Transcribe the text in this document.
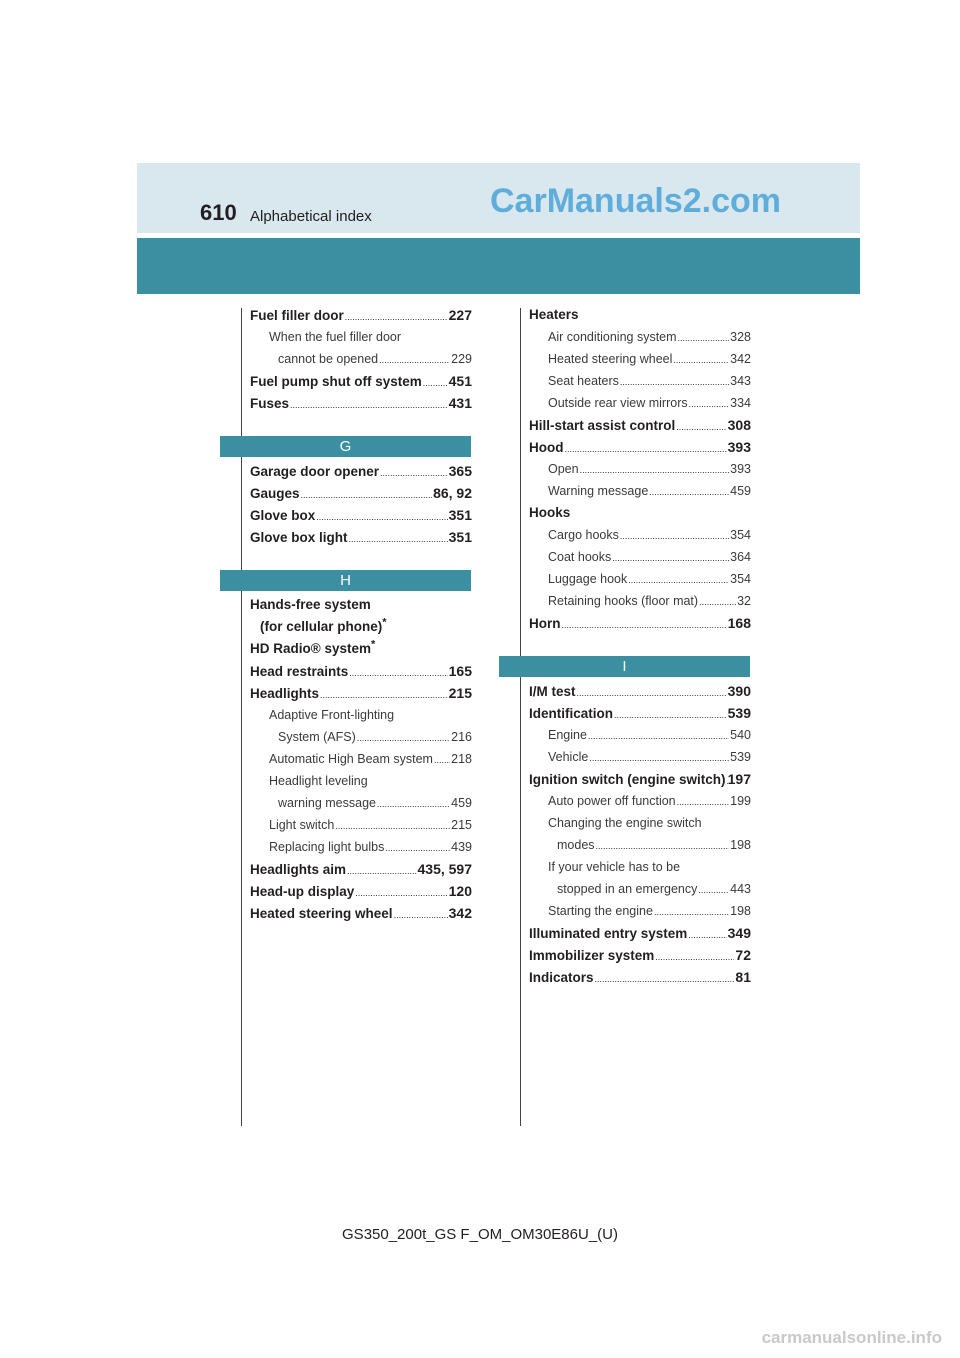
610 Alphabetical index	CarManuals2.com
Fuel filler door .....	227
When the fuel filler door
cannot be opened .....	229
Fuel pump shut off system ..... 451
Fuses .....	431
G
Garage door opener .....	365
Gauges .....	86, 92
Glove box .....	351
Glove box light .....	351
H
Hands-free system
(for cellular phone)*
HD Radio® system*
Head restraints .....	165
Headlights .....	215
Adaptive Front-lighting
System (AFS) .....	216
Automatic High Beam system ..... 218
Headlight leveling
warning message .....	459
Light switch .....	215
Replacing light bulbs .....	439
Headlights aim .....	435, 597
Head-up display .....	120
Heated steering wheel .....	342
Heaters
Air conditioning system .....	328
Heated steering wheel .....	342
Seat heaters .....	343
Outside rear view mirrors .....	334
Hill-start assist control .....	308
Hood .....	393
Open .....	393
Warning message .....	459
Hooks
Cargo hooks .....	354
Coat hooks .....	364
Luggage hook .....	354
Retaining hooks (floor mat) .....	32
Horn .....	168
I
I/M test .....	390
Identification .....	539
Engine .....	540
Vehicle .....	539
Ignition switch (engine switch) ..... 197
Auto power off function .....	199
Changing the engine switch
modes .....	198
If your vehicle has to be
stopped in an emergency .....	443
Starting the engine .....	198
Illuminated entry system .....	349
Immobilizer system .....	72
Indicators .....	81
GS350_200t_GS F_OM_OM30E86U_(U)
carmanualsonline.info
